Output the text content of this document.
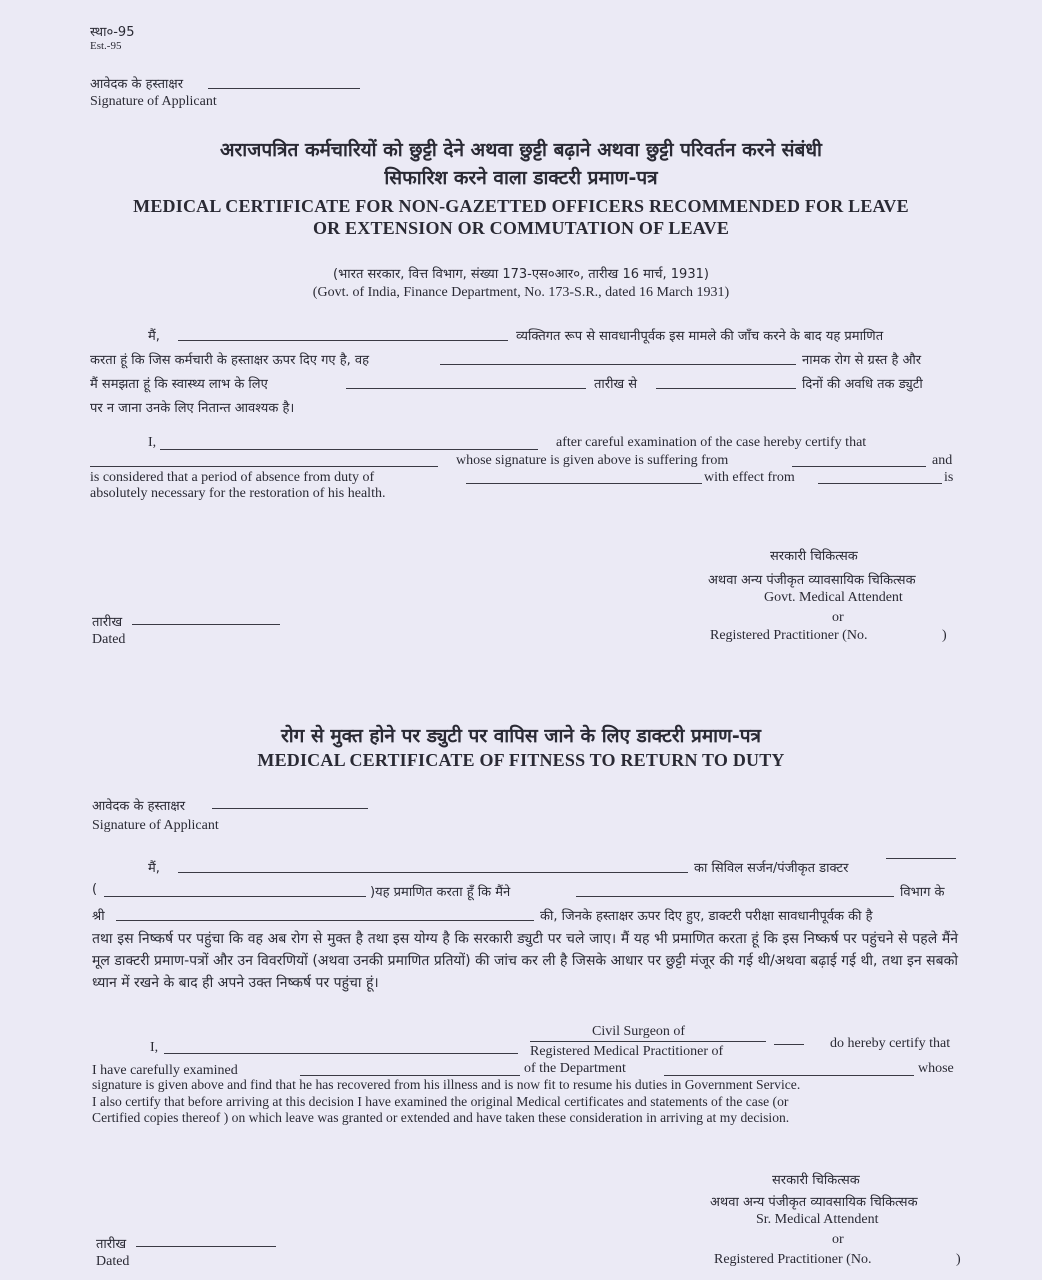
स्था०-95
Est.-95
आवेदक के हस्ताक्षर
Signature of Applicant
अराजपत्रित कर्मचारियों को छुट्टी देने अथवा छुट्टी बढ़ाने अथवा छुट्टी परिवर्तन करने संबंधी
सिफारिश करने वाला डाक्टरी प्रमाण-पत्र
MEDICAL CERTIFICATE FOR NON-GAZETTED OFFICERS RECOMMENDED FOR LEAVE
OR EXTENSION OR COMMUTATION OF LEAVE
(भारत सरकार, वित्त विभाग, संख्या 173-एस०आर०, तारीख 16 मार्च, 1931)
(Govt. of India, Finance Department, No. 173-S.R., dated 16 March 1931)
मैं,	व्यक्तिगत रूप से सावधानीपूर्वक इस मामले की जाँच करने के बाद यह प्रमाणित
करता हूं कि जिस कर्मचारी के हस्ताक्षर ऊपर दिए गए है, वह	नामक रोग से ग्रस्त है और
मैं समझता हूं कि स्वास्थ्य लाभ के लिए	तारीख से	दिनों की अवधि तक ड्युटी
पर न जाना उनके लिए नितान्त आवश्यक है।
I,	after careful examination of the case hereby certify that
whose signature is given above is suffering from	and
is considered that a period of absence from duty of	with effect from	is
absolutely necessary for the restoration of his health.
सरकारी चिकित्सक
अथवा अन्य पंजीकृत व्यावसायिक चिकित्सक
Govt. Medical Attendent
or
Registered Practitioner (No.	)
तारीख
Dated
रोग से मुक्त होने पर ड्युटी पर वापिस जाने के लिए डाक्टरी प्रमाण-पत्र
MEDICAL CERTIFICATE OF FITNESS TO RETURN TO DUTY
आवेदक के हस्ताक्षर
Signature of Applicant
मैं,	का सिविल सर्जन/पंजीकृत डाक्टर
(	)यह प्रमाणित करता हूँ कि मैंने	विभाग के
श्री	की, जिनके हस्ताक्षर ऊपर दिए हुए, डाक्टरी परीक्षा सावधानीपूर्वक की है
तथा इस निष्कर्ष पर पहुंचा कि वह अब रोग से मुक्त है तथा इस योग्य है कि सरकारी ड्युटी पर चले जाए। मैं यह भी प्रमाणित करता हूं कि इस निष्कर्ष पर पहुंचने से पहले मैंने मूल डाक्टरी प्रमाण-पत्रों और उन विवरणियों (अथवा उनकी प्रमाणित प्रतियों) की जांच कर ली है जिसके आधार पर छुट्टी मंजूर की गई थी/अथवा बढ़ाई गई थी, तथा इन सबको ध्यान में रखने के बाद ही अपने उक्त निष्कर्ष पर पहुंचा हूं।
I,
Civil Surgeon of
Registered Medical Practitioner of
do hereby certify that
I have carefully examined	of the Department	whose
signature is given above and find that he has recovered from his illness and is now fit to resume his duties in Government Service.
I also certify that before arriving at this decision I have examined the original Medical certificates and statements of the case (or
Certified copies thereof ) on which leave was granted or extended and have taken these consideration in arriving at my decision.
सरकारी चिकित्सक
अथवा अन्य पंजीकृत व्यावसायिक चिकित्सक
Sr. Medical Attendent
or
Registered Practitioner (No.	)
तारीख
Dated
